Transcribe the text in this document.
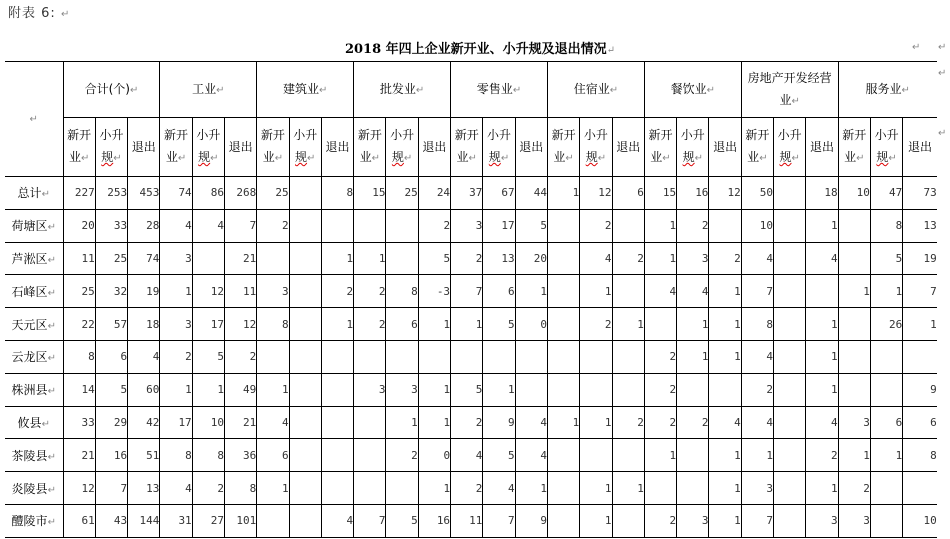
附表 6: ↵
2018 年四上企业新开业、小升规及退出情况↵	↵ ↵
↵
↵
↵	合计(个)↵			工业↵			建筑业↵			批发业↵			零售业↵			住宿业↵			餐饮业↵			房地产开发经营业↵			服务业↵		

	新开
业↵	小升
规↵	退出	新开
业↵	小升
规↵	退出	新开
业↵	小升
规↵	退出	新开
业↵	小升
规↵	退出	新开
业↵	小升
规↵	退出	新开
业↵	小升
规↵	退出	新开
业↵	小升
规↵	退出	新开
业↵	小升
规↵	退出	新开
业↵	小升
规↵	退出

总计↵	227	253	453	74	86	268	25		8	15	25	24	37	67	44	1	12	6	15	16	12	50		18	10	47	73
荷塘区↵	20	33	28	4	4	7	2					2	3	17	5		2		1	2		10		1		8	13
芦淞区↵	11	25	74	3		21			1	1		5	2	13	20		4	2	1	3	2	4		4		5	19
石峰区↵	25	32	19	1	12	11	3		2	2	8	-3	7	6	1		1		4	4	1	7			1	1	7
天元区↵	22	57	18	3	17	12	8		1	2	6	1	1	5	0		2	1		1	1	8		1		26	1
云龙区↵	8	6	4	2	5	2													2	1	1	4		1			
株洲县↵	14	5	60	1	1	49	1			3	3	1	5	1					2			2		1			9
攸县↵	33	29	42	17	10	21	4				1	1	2	9	4	1	1	2	2	2	4	4		4	3	6	6
茶陵县↵	21	16	51	8	8	36	6				2	0	4	5	4				1		1	1		2	1	1	8
炎陵县↵	12	7	13	4	2	8	1					1	2	4	1		1	1			1	3		1	2		
醴陵市↵	61	43	144	31	27	101			4	7	5	16	11	7	9		1		2	3	1	7		3	3		10
